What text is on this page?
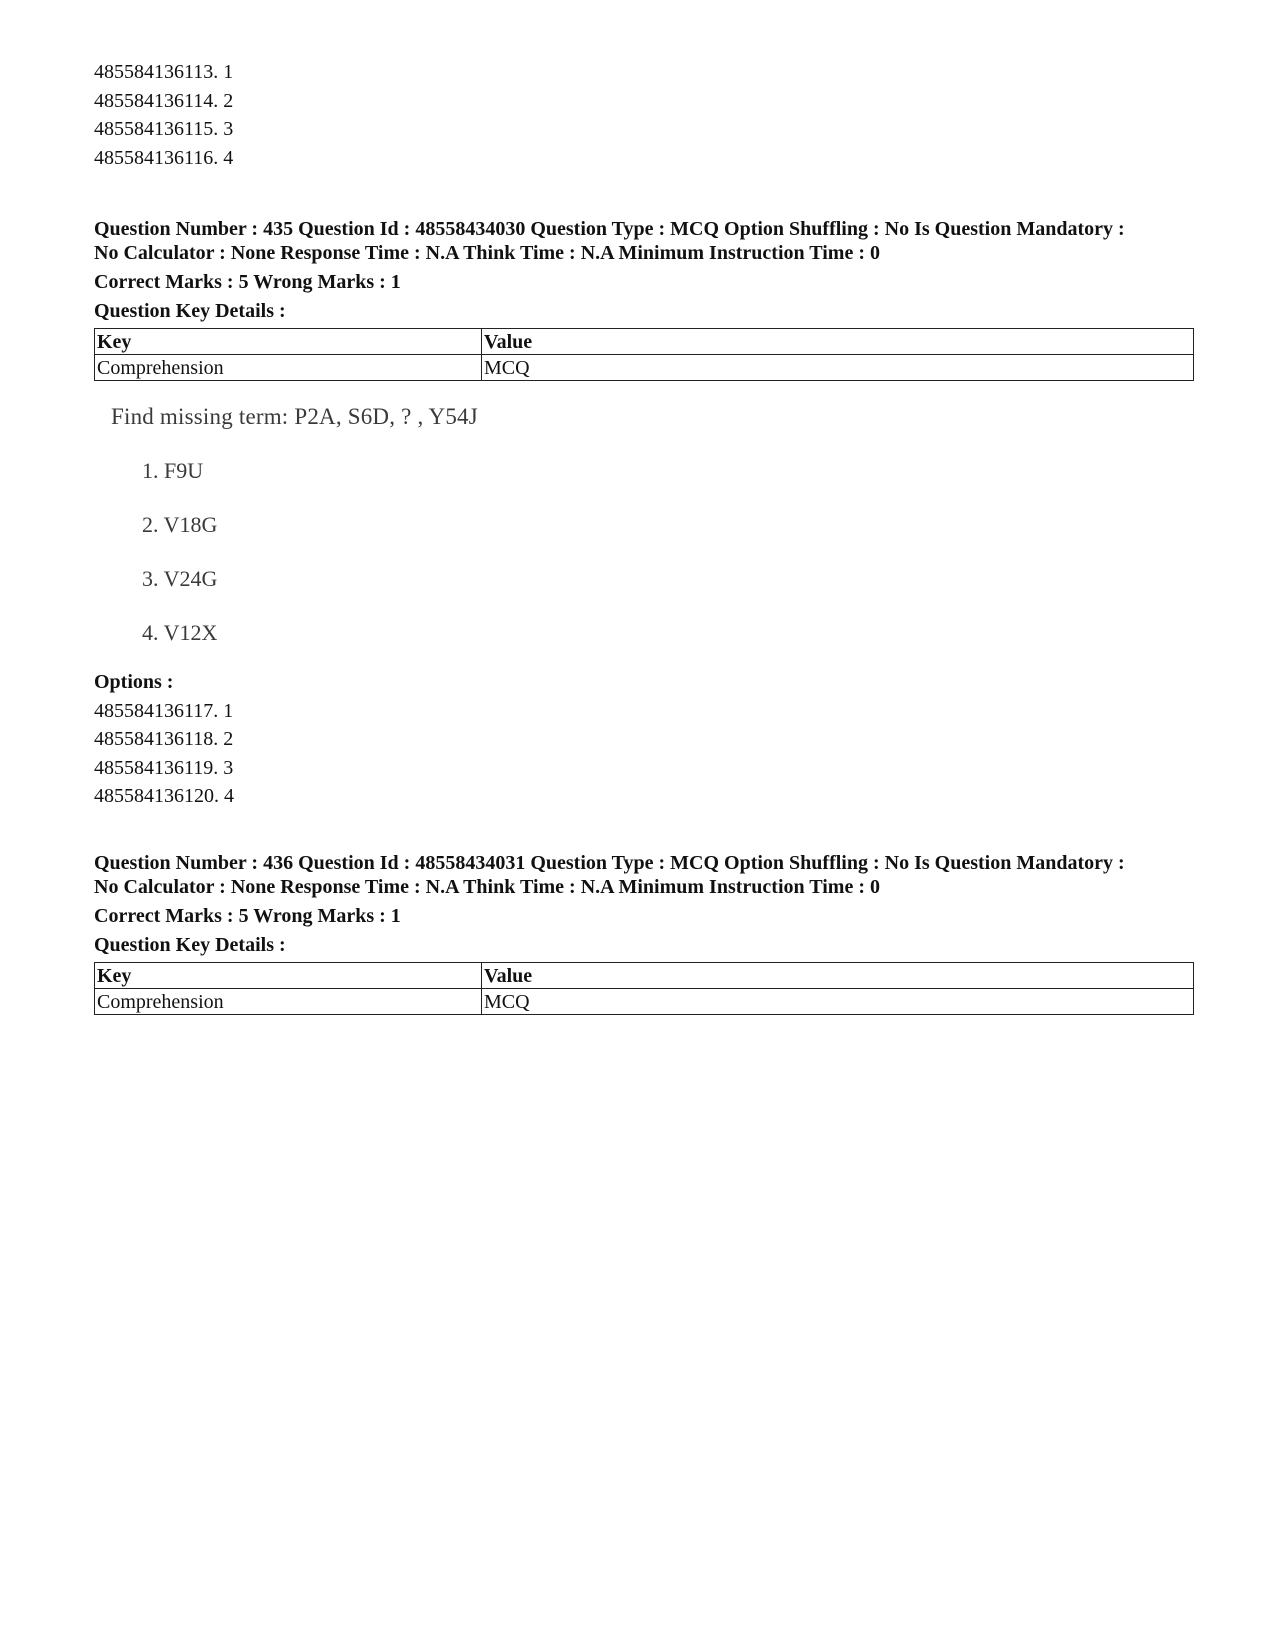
485584136113. 1
485584136114. 2
485584136115. 3
485584136116. 4
Question Number : 435 Question Id : 48558434030 Question Type : MCQ Option Shuffling : No Is Question Mandatory :
No Calculator : None Response Time : N.A Think Time : N.A Minimum Instruction Time : 0
Correct Marks : 5 Wrong Marks : 1
Question Key Details :
Key	Value
Comprehension	MCQ
Find missing term: P2A, S6D, ? , Y54J
1. F9U
2. V18G
3. V24G
4. V12X
Options :
485584136117. 1
485584136118. 2
485584136119. 3
485584136120. 4
Question Number : 436 Question Id : 48558434031 Question Type : MCQ Option Shuffling : No Is Question Mandatory :
No Calculator : None Response Time : N.A Think Time : N.A Minimum Instruction Time : 0
Correct Marks : 5 Wrong Marks : 1
Question Key Details :
Key	Value
Comprehension	MCQ
